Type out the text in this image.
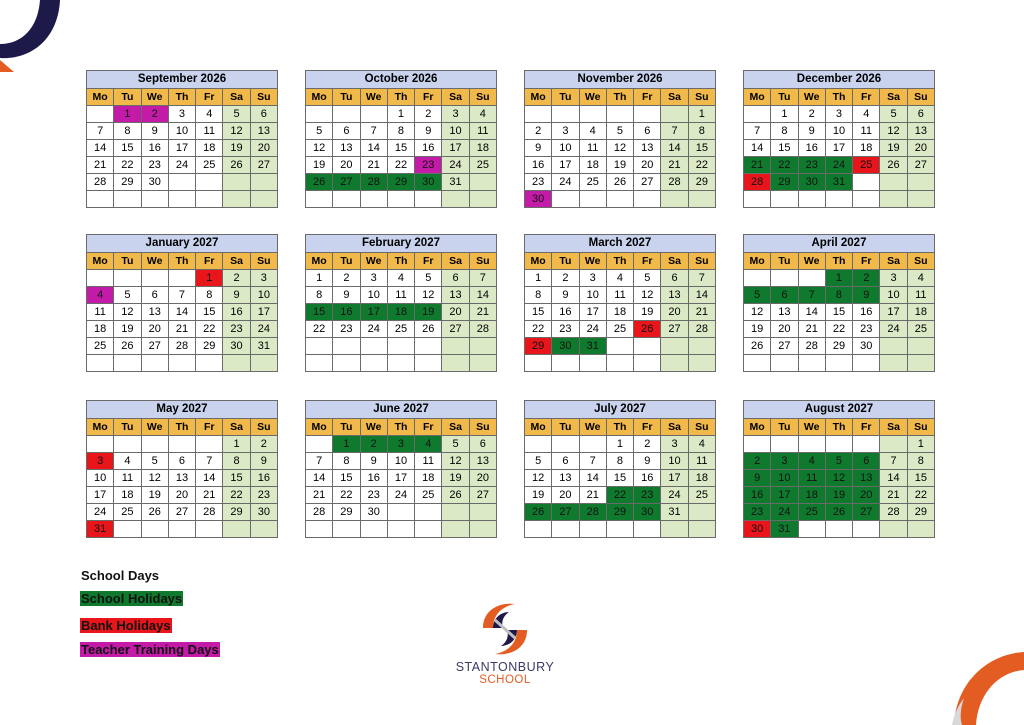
September 2026						
Mo	Tu	We	Th	Fr	Sa	Su
	1	2	3	4	5	6
7	8	9	10	11	12	13
14	15	16	17	18	19	20
21	22	23	24	25	26	27
28	29	30				

October 2026						
Mo	Tu	We	Th	Fr	Sa	Su
			1	2	3	4
5	6	7	8	9	10	11
12	13	14	15	16	17	18
19	20	21	22	23	24	25
26	27	28	29	30	31	

November 2026						
Mo	Tu	We	Th	Fr	Sa	Su
						1
2	3	4	5	6	7	8
9	10	11	12	13	14	15
16	17	18	19	20	21	22
23	24	25	26	27	28	29
30						
December 2026						
Mo	Tu	We	Th	Fr	Sa	Su
	1	2	3	4	5	6
7	8	9	10	11	12	13
14	15	16	17	18	19	20
21	22	23	24	25	26	27
28	29	30	31			

January 2027						
Mo	Tu	We	Th	Fr	Sa	Su
				1	2	3
4	5	6	7	8	9	10
11	12	13	14	15	16	17
18	19	20	21	22	23	24
25	26	27	28	29	30	31

February 2027						
Mo	Tu	We	Th	Fr	Sa	Su
1	2	3	4	5	6	7
8	9	10	11	12	13	14
15	16	17	18	19	20	21
22	23	24	25	26	27	28

March 2027						
Mo	Tu	We	Th	Fr	Sa	Su
1	2	3	4	5	6	7
8	9	10	11	12	13	14
15	16	17	18	19	20	21
22	23	24	25	26	27	28
29	30	31				

April 2027						
Mo	Tu	We	Th	Fr	Sa	Su
			1	2	3	4
5	6	7	8	9	10	11
12	13	14	15	16	17	18
19	20	21	22	23	24	25
26	27	28	29	30		

May 2027						
Mo	Tu	We	Th	Fr	Sa	Su
					1	2
3	4	5	6	7	8	9
10	11	12	13	14	15	16
17	18	19	20	21	22	23
24	25	26	27	28	29	30
31						
June 2027						
Mo	Tu	We	Th	Fr	Sa	Su
	1	2	3	4	5	6
7	8	9	10	11	12	13
14	15	16	17	18	19	20
21	22	23	24	25	26	27
28	29	30				

July 2027						
Mo	Tu	We	Th	Fr	Sa	Su
			1	2	3	4
5	6	7	8	9	10	11
12	13	14	15	16	17	18
19	20	21	22	23	24	25
26	27	28	29	30	31	

August 2027						
Mo	Tu	We	Th	Fr	Sa	Su
						1
2	3	4	5	6	7	8
9	10	11	12	13	14	15
16	17	18	19	20	21	22
23	24	25	26	27	28	29
30	31					
School Days
School Holidays
Bank Holidays
Teacher Training Days
STANTONBURY
SCHOOL
